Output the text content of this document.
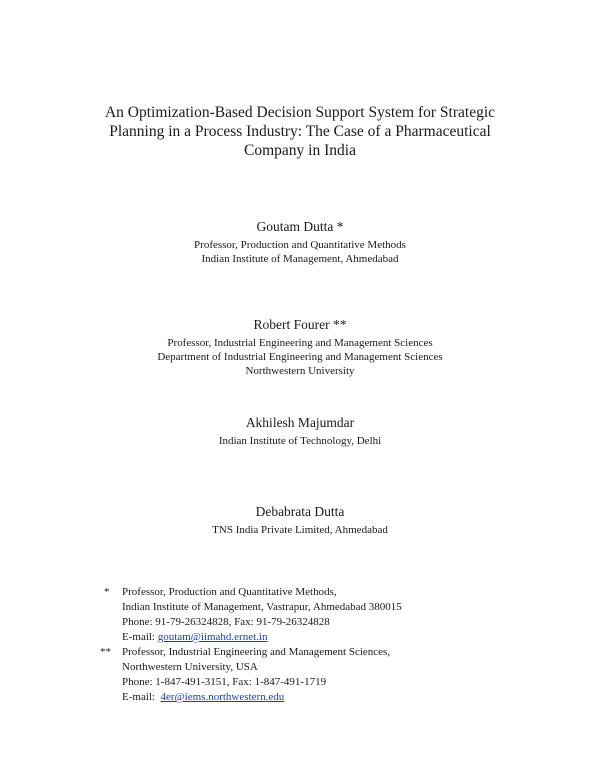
An Optimization-Based Decision Support System for Strategic
Planning in a Process Industry: The Case of a Pharmaceutical
Company in India
Goutam Dutta *
Professor, Production and Quantitative Methods
Indian Institute of Management, Ahmedabad
Robert Fourer **
Professor, Industrial Engineering and Management Sciences
Department of Industrial Engineering and Management Sciences
Northwestern University
Akhilesh Majumdar
Indian Institute of Technology, Delhi
Debabrata Dutta
TNS India Private Limited, Ahmedabad
* Professor, Production and Quantitative Methods,
Indian Institute of Management, Vastrapur, Ahmedabad 380015
Phone: 91-79-26324828, Fax: 91-79-26324828
E-mail: goutam@iimahd.ernet.in
** Professor, Industrial Engineering and Management Sciences,
Northwestern University, USA
Phone: 1-847-491-3151, Fax: 1-847-491-1719
E-mail:  4er@iems.northwestern.edu
